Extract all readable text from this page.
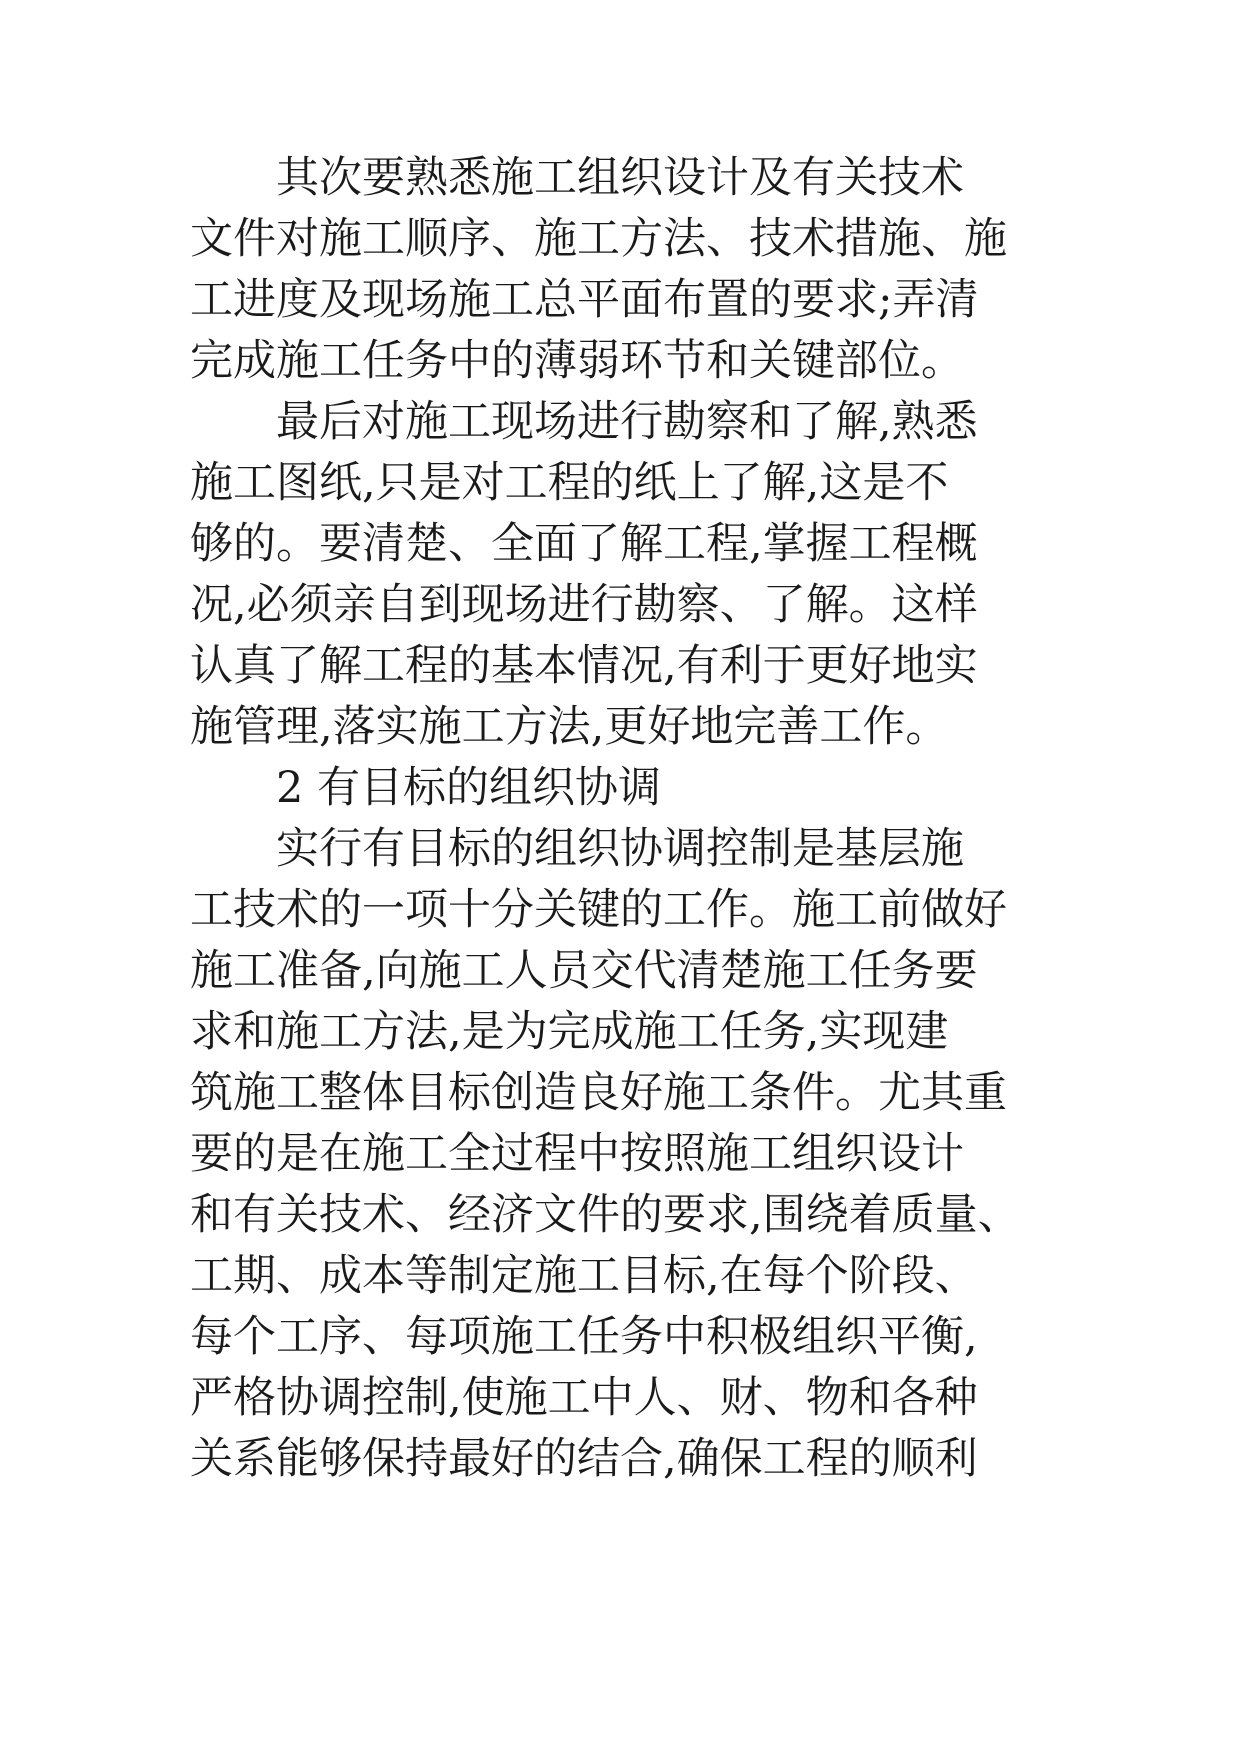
其次要熟悉施工组织设计及有关技术
文件对施工顺序、施工方法、技术措施、施
工进度及现场施工总平面布置的要求;弄清
完成施工任务中的薄弱环节和关键部位。
最后对施工现场进行勘察和了解,熟悉
施工图纸,只是对工程的纸上了解,这是不
够的。要清楚、全面了解工程,掌握工程概
况,必须亲自到现场进行勘察、了解。这样
认真了解工程的基本情况,有利于更好地实
施管理,落实施工方法,更好地完善工作。
2 有目标的组织协调
实行有目标的组织协调控制是基层施
工技术的一项十分关键的工作。施工前做好
施工准备,向施工人员交代清楚施工任务要
求和施工方法,是为完成施工任务,实现建
筑施工整体目标创造良好施工条件。尤其重
要的是在施工全过程中按照施工组织设计
和有关技术、经济文件的要求,围绕着质量、
工期、成本等制定施工目标,在每个阶段、
每个工序、每项施工任务中积极组织平衡,
严格协调控制,使施工中人、财、物和各种
关系能够保持最好的结合,确保工程的顺利
